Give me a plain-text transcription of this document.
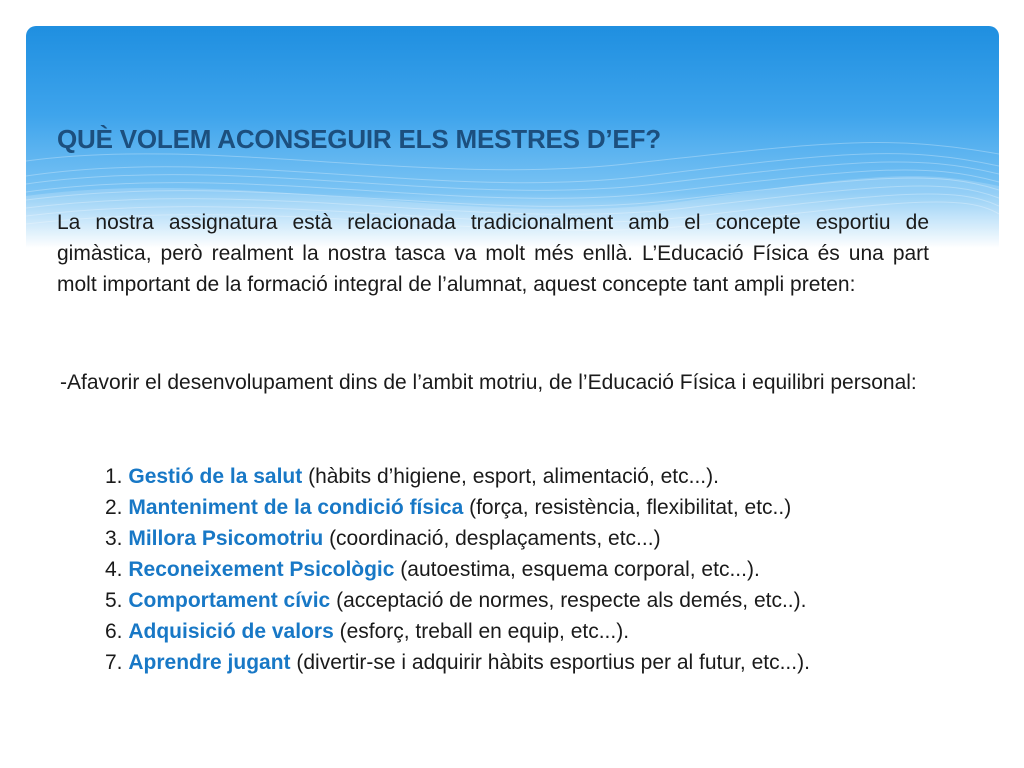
QUÈ VOLEM ACONSEGUIR ELS MESTRES D’EF?

La nostra assignatura està relacionada tradicionalment amb el concepte esportiu de gimàstica, però realment la nostra tasca va molt més enllà. L’Educació Física és una part molt important de la formació integral de l’alumnat, aquest concepte tant ampli preten:

-Afavorir el desenvolupament dins de l’ambit motriu, de l’Educació Física i equilibri personal:

1. Gestió de la salut (hàbits d’higiene, esport, alimentació, etc...).
2. Manteniment de la condició física (força, resistència, flexibilitat, etc..)
3. Millora Psicomotriu (coordinació, desplaçaments, etc...)
4. Reconeixement Psicològic (autoestima, esquema corporal, etc...).
5. Comportament cívic (acceptació de normes, respecte als demés, etc..).
6. Adquisició de valors (esforç, treball en equip, etc...).
7. Aprendre jugant (divertir-se i adquirir hàbits esportius per al futur, etc...).
